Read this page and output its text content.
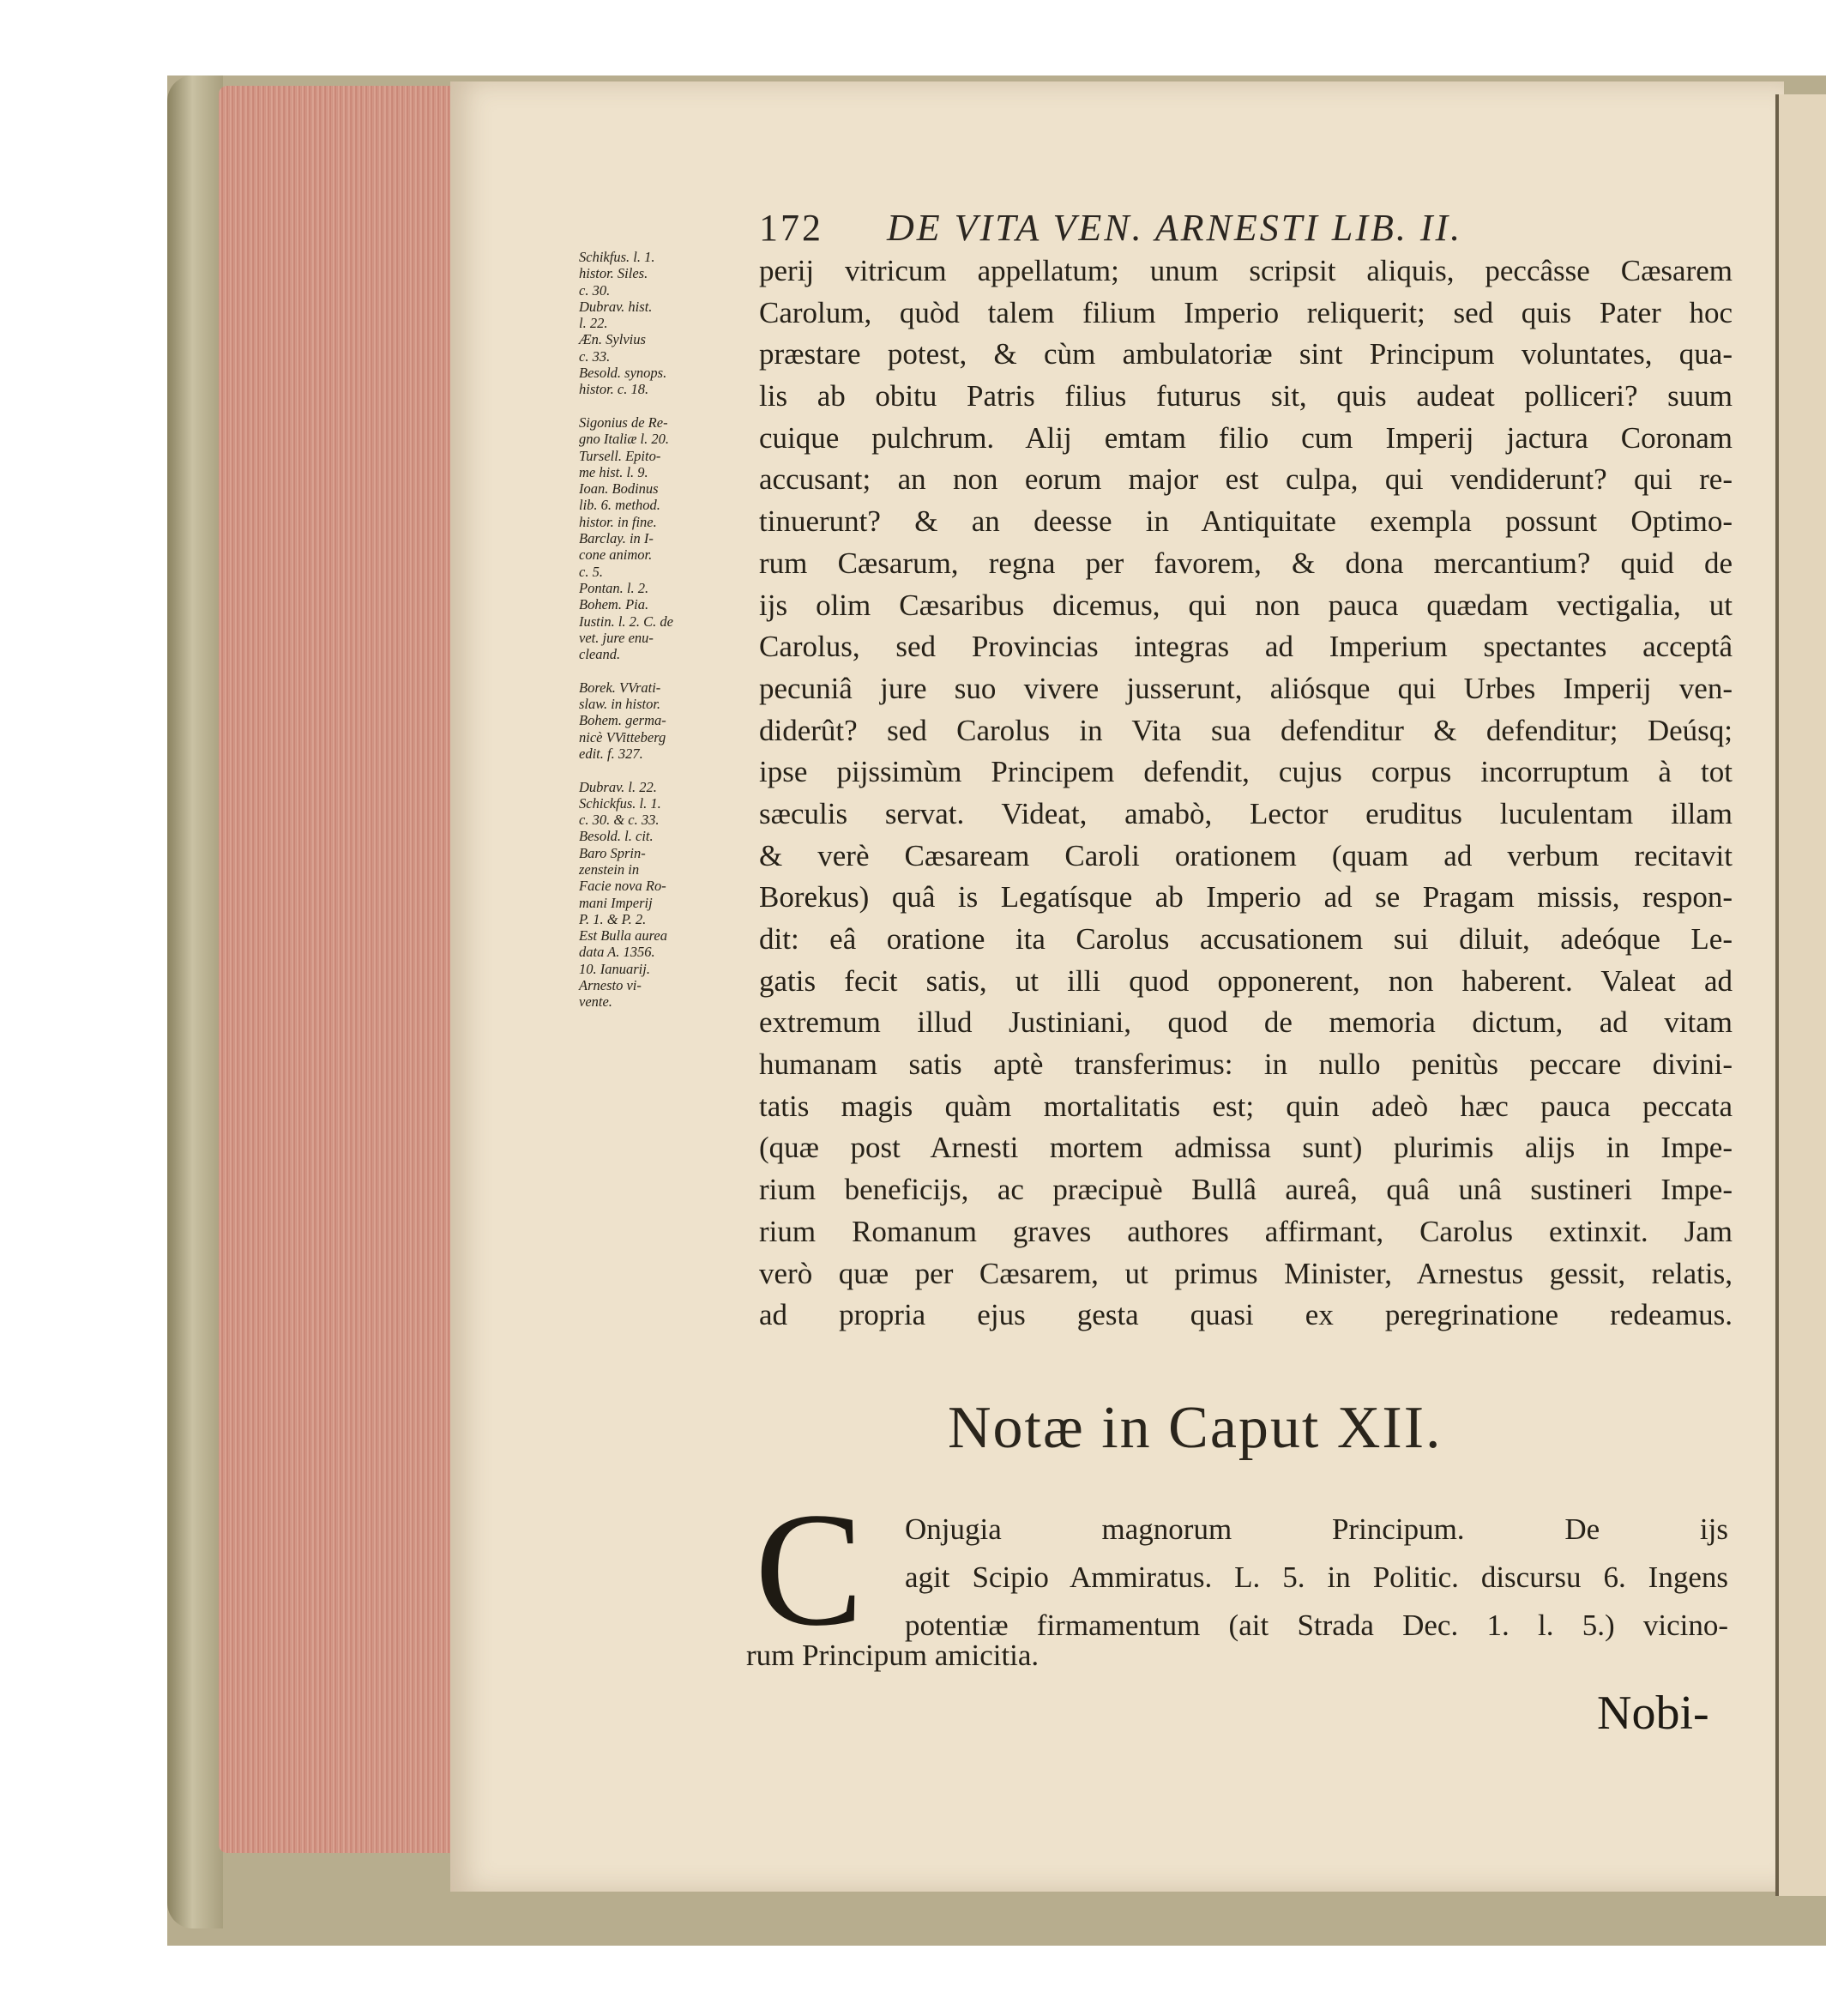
172 DE VITA VEN. ARNESTI LIB. II.
Schikfus. l. 1.
histor. Siles.
c. 30.
Dubrav. hist.
l. 22.
Æn. Sylvius
c. 33.
Besold. synops.
histor. c. 18.

Sigonius de Re-
gno Italiæ l. 20.
Tursell. Epito-
me hist. l. 9.
Ioan. Bodinus
lib. 6. method.
histor. in fine.
Barclay. in I-
cone animor.
c. 5.
Pontan. l. 2.
Bohem. Pia.
Iustin. l. 2. C. de
vet. jure enu-
cleand.

Borek. VVrati-
slaw. in histor.
Bohem. germa-
nicè VVitteberg
edit. f. 327.

Dubrav. l. 22.
Schickfus. l. 1.
c. 30. & c. 33.
Besold. l. cit.
Baro Sprin-
zenstein in
Facie nova Ro-
mani Imperij
P. 1. & P. 2.
Est Bulla aurea
data A. 1356.
10. Ianuarij.
Arnesto vi-
vente.
perij vitricum appellatum; unum scripsit aliquis, peccâsse Cæsarem
Carolum, quòd talem filium Imperio reliquerit; sed quis Pater hoc
præstare potest, & cùm ambulatoriæ sint Principum voluntates, qua-
lis ab obitu Patris filius futurus sit, quis audeat polliceri? suum
cuique pulchrum. Alij emtam filio cum Imperij jactura Coronam
accusant; an non eorum major est culpa, qui vendiderunt? qui re-
tinuerunt? & an deesse in Antiquitate exempla possunt Optimo-
rum Cæsarum, regna per favorem, & dona mercantium? quid de
ijs olim Cæsaribus dicemus, qui non pauca quædam vectigalia, ut
Carolus, sed Provincias integras ad Imperium spectantes acceptâ
pecuniâ jure suo vivere jusserunt, aliósque qui Urbes Imperij ven-
diderût? sed Carolus in Vita sua defenditur & defenditur; Deúsq;
ipse pijssimùm Principem defendit, cujus corpus incorruptum à tot
sæculis servat. Videat, amabò, Lector eruditus luculentam illam
& verè Cæsaream Caroli orationem (quam ad verbum recitavit
Borekus) quâ is Legatísque ab Imperio ad se Pragam missis, respon-
dit: eâ oratione ita Carolus accusationem sui diluit, adeóque Le-
gatis fecit satis, ut illi quod opponerent, non haberent. Valeat ad
extremum illud Justiniani, quod de memoria dictum, ad vitam
humanam satis aptè transferimus: in nullo penitùs peccare divini-
tatis magis quàm mortalitatis est; quin adeò hæc pauca peccata
(quæ post Arnesti mortem admissa sunt) plurimis alijs in Impe-
rium beneficijs, ac præcipuè Bullâ aureâ, quâ unâ sustineri Impe-
rium Romanum graves authores affirmant, Carolus extinxit. Jam
verò quæ per Cæsarem, ut primus Minister, Arnestus gessit, relatis,
ad propria ejus gesta quasi ex peregrinatione redeamus.
Notæ in Caput XII.
C Onjugia magnorum Principum. De ijs
agit Scipio Ammiratus. L. 5. in Politic. discursu 6. Ingens
potentiæ firmamentum (ait Strada Dec. 1. l. 5.) vicino-
rum Principum amicitia.
Nobi-
